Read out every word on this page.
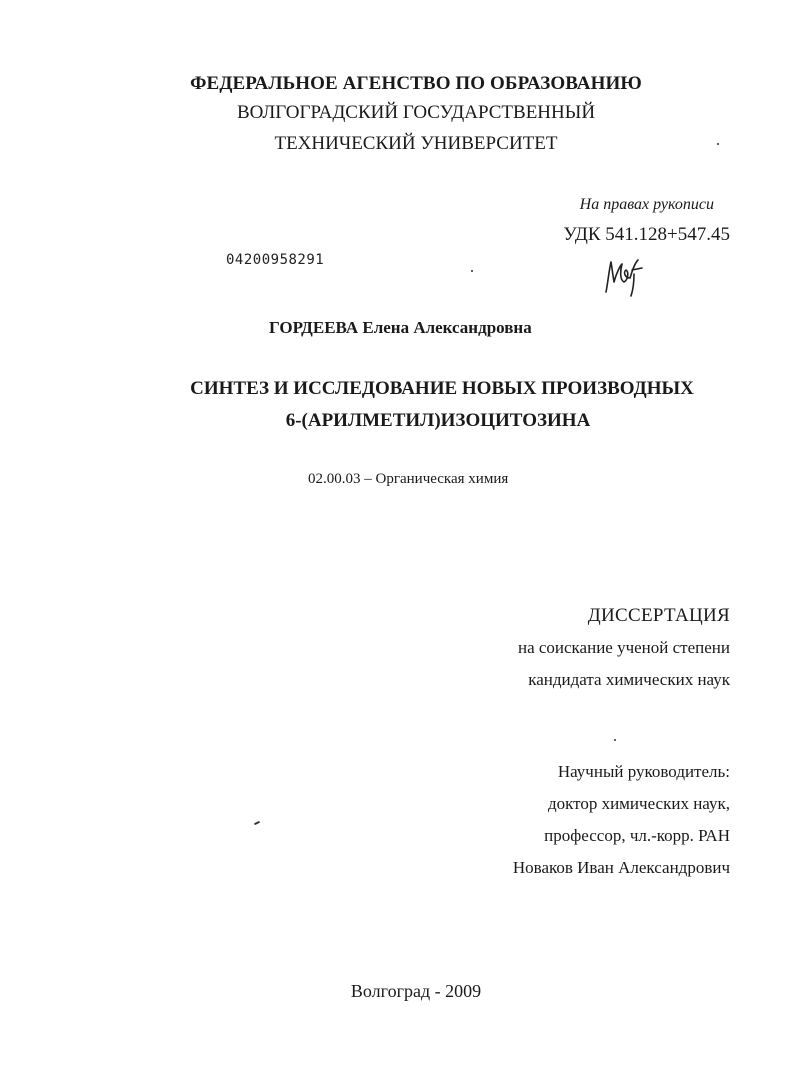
ФЕДЕРАЛЬНОЕ АГЕНСТВО ПО ОБРАЗОВАНИЮ
ВОЛГОГРАДСКИЙ ГОСУДАРСТВЕННЫЙ
ТЕХНИЧЕСКИЙ УНИВЕРСИТЕТ
На правах рукописи
УДК 541.128+547.45
04200958291
ГОРДЕЕВА Елена Александровна
СИНТЕЗ И ИССЛЕДОВАНИЕ НОВЫХ ПРОИЗВОДНЫХ
6-(АРИЛМЕТИЛ)ИЗОЦИТОЗИНА
02.00.03 – Органическая химия
ДИССЕРТАЦИЯ
на соискание ученой степени
кандидата химических наук
Научный руководитель:
доктор химических наук,
профессор, чл.-корр. РАН
Новаков Иван Александрович
Волгоград - 2009
